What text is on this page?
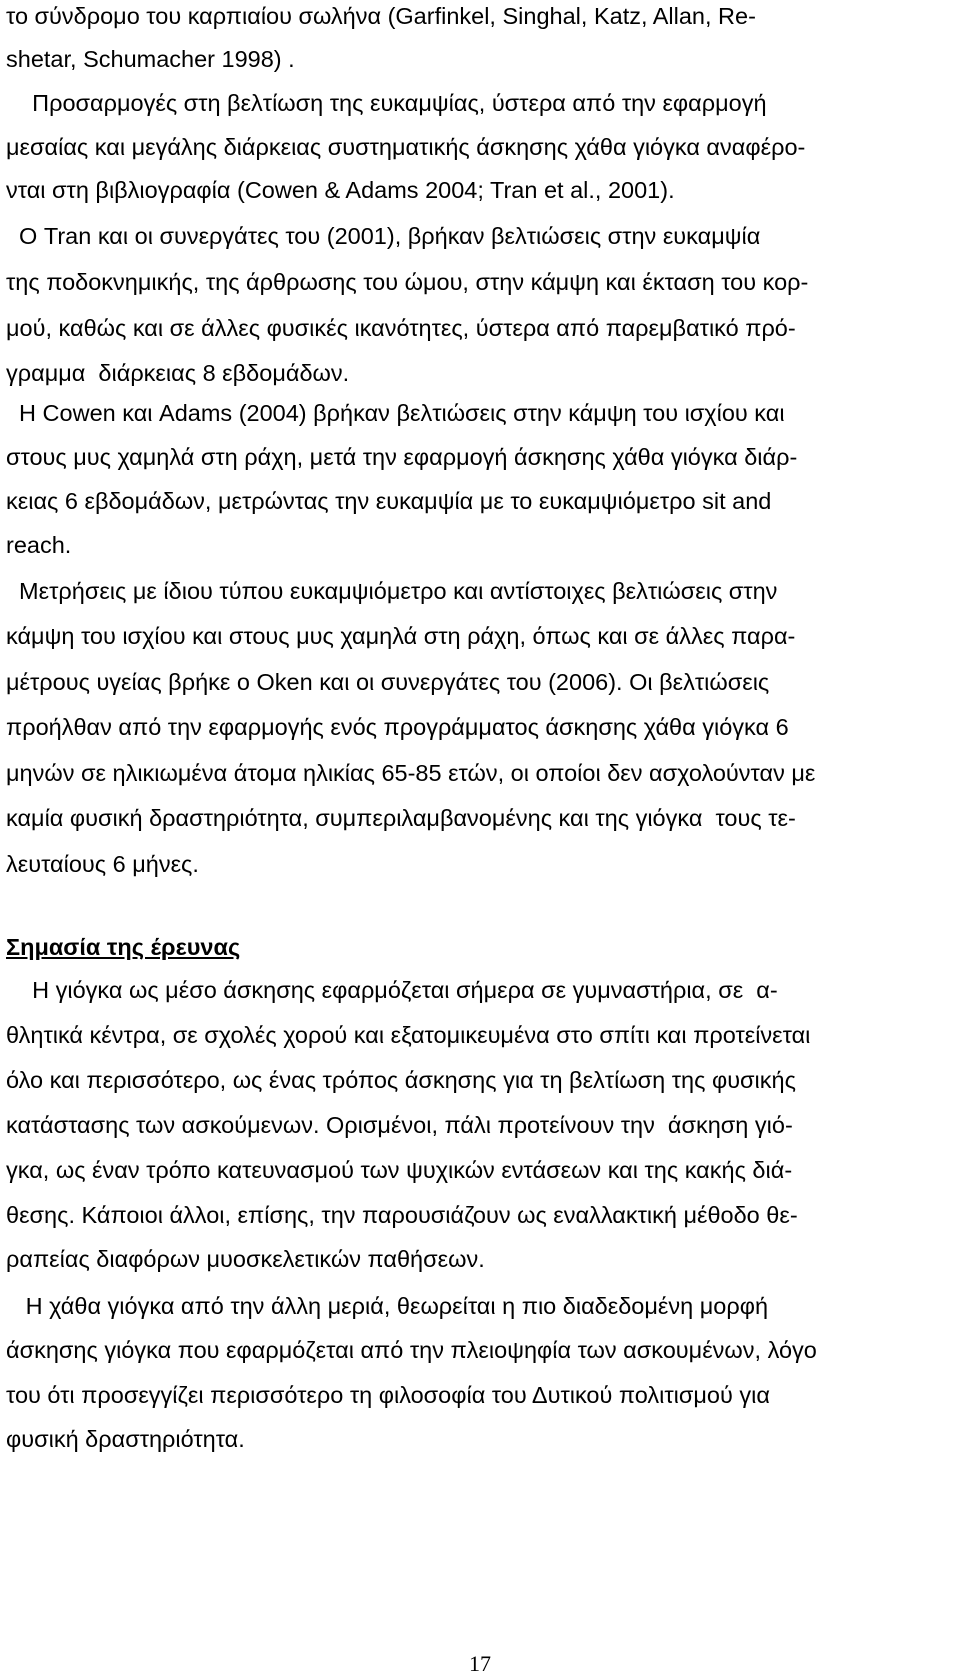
το σύνδρομο του καρπιαίου σωλήνα (Garfinkel, Singhal, Katz, Allan, Re-
shetar, Schumacher 1998) .
Προσαρμογές στη βελτίωση της ευκαμψίας, ύστερα από την εφαρμογή
μεσαίας και μεγάλης διάρκειας συστηματικής άσκησης χάθα γιόγκα αναφέρο-
νται στη βιβλιογραφία (Cowen & Adams 2004; Tran et al., 2001).
Ο Tran και οι συνεργάτες του (2001), βρήκαν βελτιώσεις στην ευκαμψία
της ποδοκνημικής, της άρθρωσης του ώμου, στην κάμψη και έκταση του κορ-
μού, καθώς και σε άλλες φυσικές ικανότητες, ύστερα από παρεμβατικό πρό-
γραμμα  διάρκειας 8 εβδομάδων.
Η Cowen και Adams (2004) βρήκαν βελτιώσεις στην κάμψη του ισχίου και
στους μυς χαμηλά στη ράχη, μετά την εφαρμογή άσκησης χάθα γιόγκα διάρ-
κειας 6 εβδομάδων, μετρώντας την ευκαμψία με το ευκαμψιόμετρο sit and
reach.
Μετρήσεις με ίδιου τύπου ευκαμψιόμετρο και αντίστοιχες βελτιώσεις στην
κάμψη του ισχίου και στους μυς χαμηλά στη ράχη, όπως και σε άλλες παρα-
μέτρους υγείας βρήκε ο Oken και οι συνεργάτες του (2006). Οι βελτιώσεις
προήλθαν από την εφαρμογής ενός προγράμματος άσκησης χάθα γιόγκα 6
μηνών σε ηλικιωμένα άτομα ηλικίας 65-85 ετών, οι οποίοι δεν ασχολούνταν με
καμία φυσική δραστηριότητα, συμπεριλαμβανομένης και της γιόγκα  τους τε-
λευταίους 6 μήνες.
Σημασία της έρευνας
Η γιόγκα ως μέσο άσκησης εφαρμόζεται σήμερα σε γυμναστήρια, σε  α-
θλητικά κέντρα, σε σχολές χορού και εξατομικευμένα στο σπίτι και προτείνεται
όλο και περισσότερο, ως ένας τρόπος άσκησης για τη βελτίωση της φυσικής
κατάστασης των ασκούμενων. Ορισμένοι, πάλι προτείνουν την  άσκηση γιό-
γκα, ως έναν τρόπο κατευνασμού των ψυχικών εντάσεων και της κακής διά-
θεσης. Κάποιοι άλλοι, επίσης, την παρουσιάζουν ως εναλλακτική μέθοδο θε-
ραπείας διαφόρων μυοσκελετικών παθήσεων.
Η χάθα γιόγκα από την άλλη μεριά, θεωρείται η πιο διαδεδομένη μορφή
άσκησης γιόγκα που εφαρμόζεται από την πλειοψηφία των ασκουμένων, λόγο
του ότι προσεγγίζει περισσότερο τη φιλοσοφία του Δυτικού πολιτισμού για
φυσική δραστηριότητα.
17
